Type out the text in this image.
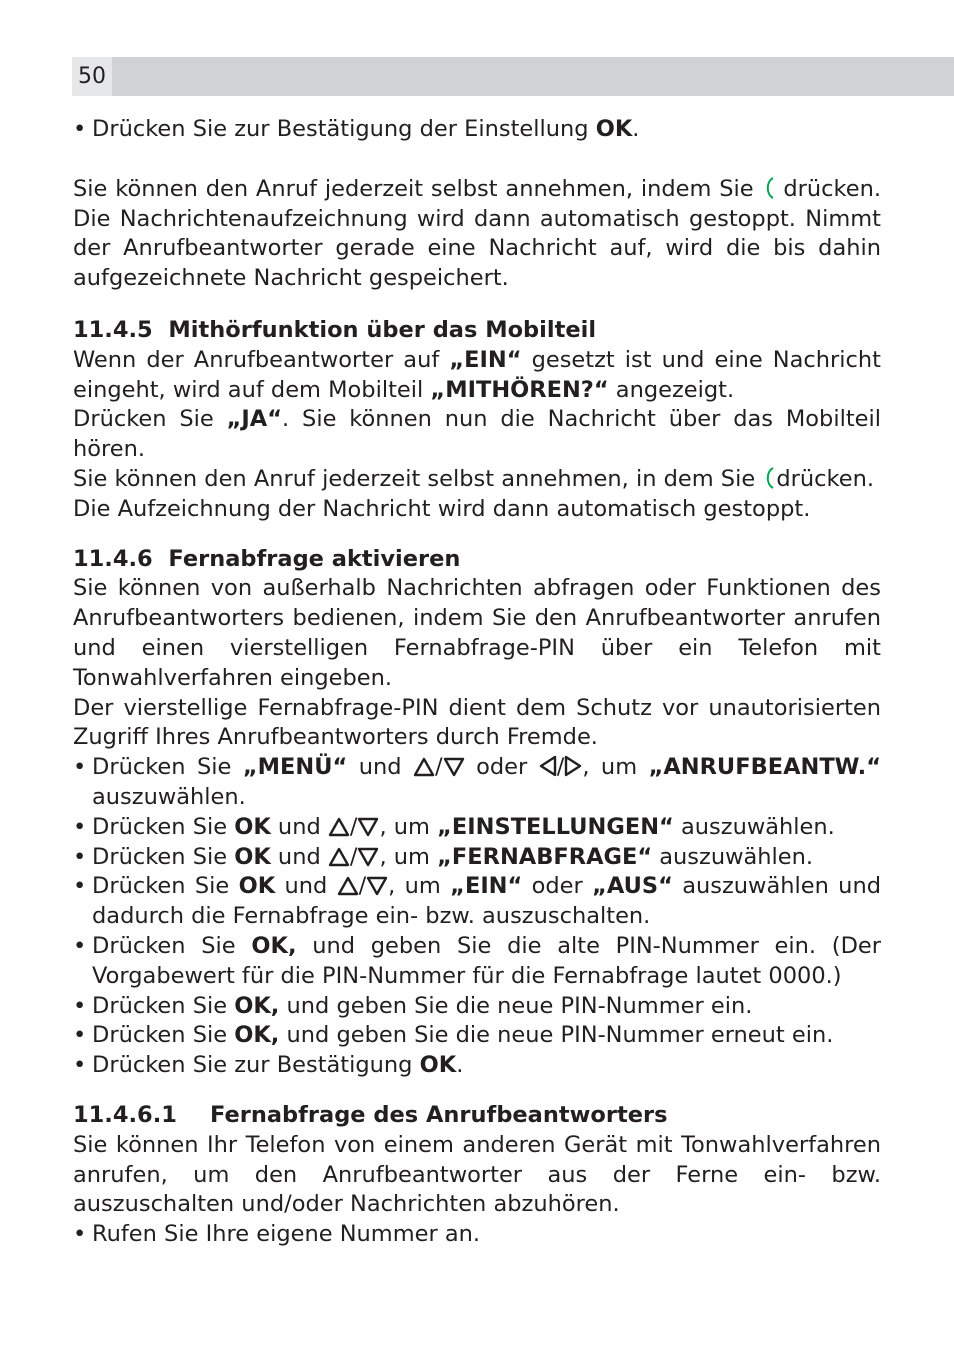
50

• Drücken Sie zur Bestätigung der Einstellung OK.

Sie können den Anruf jederzeit selbst annehmen, indem Sie  drücken. Die Nachrichtenaufzeichnung wird dann automatisch gestoppt. Nimmt der Anrufbeantworter gerade eine Nachricht auf, wird die bis dahin aufgezeichnete Nachricht gespeichert.

11.4.5 Mithörfunktion über das Mobilteil

Wenn der Anrufbeantworter auf „EIN“ gesetzt ist und eine Nachricht eingeht, wird auf dem Mobilteil „MITHÖREN?“ angezeigt.

Drücken Sie „JA“. Sie können nun die Nachricht über das Mobilteil hören.

Sie können den Anruf jederzeit selbst annehmen, in dem Sie drücken.

Die Aufzeichnung der Nachricht wird dann automatisch gestoppt.

11.4.6 Fernabfrage aktivieren

Sie können von außerhalb Nachrichten abfragen oder Funktionen des Anrufbeantworters bedienen, indem Sie den Anrufbeantworter anrufen und einen vierstelligen Fernabfrage-PIN über ein Telefon mit Tonwahlverfahren eingeben.

Der vierstellige Fernabfrage-PIN dient dem Schutz vor unautorisierten Zugriff Ihres Anrufbeantworters durch Fremde.

• Drücken Sie „MENÜ“ und / oder / , um „ANRUFBEANTW.“ auszuwählen.

• Drücken Sie OK und / , um „EINSTELLUNGEN“ auszuwählen.

• Drücken Sie OK und / , um „FERNABFRAGE“ auszuwählen.

• Drücken Sie OK und / , um „EIN“ oder „AUS“ auszuwählen und dadurch die Fernabfrage ein- bzw. auszuschalten.

• Drücken Sie OK, und geben Sie die alte PIN-Nummer ein. (Der Vorgabewert für die PIN-Nummer für die Fernabfrage lautet 0000.)

• Drücken Sie OK, und geben Sie die neue PIN-Nummer ein.

• Drücken Sie OK, und geben Sie die neue PIN-Nummer erneut ein.

• Drücken Sie zur Bestätigung OK.

11.4.6.1 Fernabfrage des Anrufbeantworters

Sie können Ihr Telefon von einem anderen Gerät mit Tonwahlverfahren anrufen, um den Anrufbeantworter aus der Ferne ein- bzw. auszuschalten und/oder Nachrichten abzuhören.

• Rufen Sie Ihre eigene Nummer an.
